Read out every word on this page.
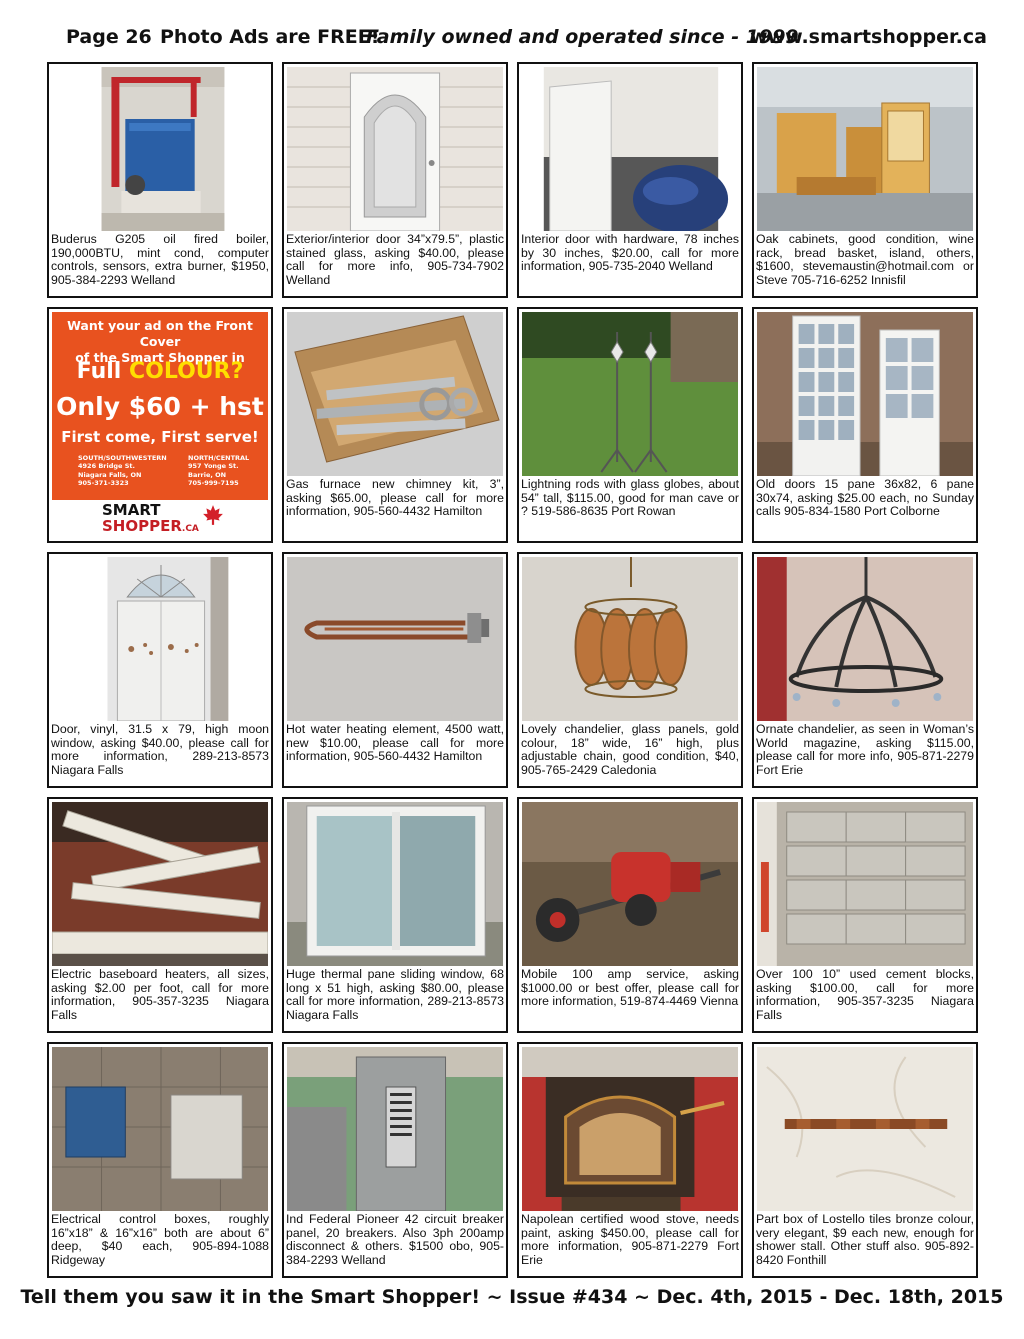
Page 26 Photo Ads are FREE!
Family owned and operated since - 1999
www.smartshopper.ca
Buderus G205 oil fired boiler, 190,000BTU, mint cond, computer controls, sensors, extra burner, $1950, 905-384-2293 Welland
Exterior/interior door 34”x79.5”, plastic stained glass, asking $40.00, please call for more info, 905-734-7902 Welland
Interior door with hardware, 78 inches by 30 inches, $20.00, call for more information, 905-735-2040 Welland
Oak cabinets, good condition, wine rack, bread basket, island, others, $1600, stevemaustin@hotmail.com or Steve 705-716-6252 Innisfil
Want your ad on the Front Cover
of the Smart Shopper in
Full COLOUR?
Only $60 + hst
First come, First serve!
SOUTH/SOUTHWESTERN
4926 Bridge St.
Niagara Falls, ON
905-371-3323
NORTH/CENTRAL
957 Yonge St.
Barrie, ON
705-999-7195
SMART
SHOPPER.CA
Gas furnace new chimney kit, 3”, asking $65.00, please call for more information, 905-560-4432 Hamilton
Lightning rods with glass globes, about 54” tall, $115.00, good for man cave or ? 519-586-8635 Port Rowan
Old doors 15 pane 36x82, 6 pane 30x74, asking $25.00 each, no Sunday calls 905-834-1580 Port Colborne
Door, vinyl, 31.5 x 79, high moon window, asking $40.00, please call for more information, 289-213-8573 Niagara Falls
Hot water heating element, 4500 watt, new $10.00, please call for more information, 905-560-4432 Hamilton
Lovely chandelier, glass panels, gold colour, 18” wide, 16” high, plus adjustable chain, good condition, $40, 905-765-2429 Caledonia
Ornate chandelier, as seen in Woman’s World magazine, asking $115.00, please call for more info, 905-871-2279 Fort Erie
Electric baseboard heaters, all sizes, asking $2.00 per foot, call for more information, 905-357-3235 Niagara Falls
Huge thermal pane sliding window, 68 long x 51 high, asking $80.00, please call for more information, 289-213-8573 Niagara Falls
Mobile 100 amp service, asking $1000.00 or best offer, please call for more information, 519-874-4469 Vienna
Over 100 10” used cement blocks, asking $100.00, call for more information, 905-357-3235 Niagara Falls
Electrical control boxes, roughly 16”x18” & 16”x16” both are about 6” deep, $40 each, 905-894-1088 Ridgeway
Ind Federal Pioneer 42 circuit breaker panel, 20 breakers. Also 3ph 200amp disconnect & others. $1500 obo, 905-384-2293 Welland
Napolean certified wood stove, needs paint, asking $450.00, please call for more information, 905-871-2279 Fort Erie
Part box of Lostello tiles bronze colour, very elegant, $9 each new, enough for shower stall. Other stuff also. 905-892-8420 Fonthill
Tell them you saw it in the Smart Shopper! ~ Issue #434 ~ Dec. 4th, 2015 - Dec. 18th, 2015
